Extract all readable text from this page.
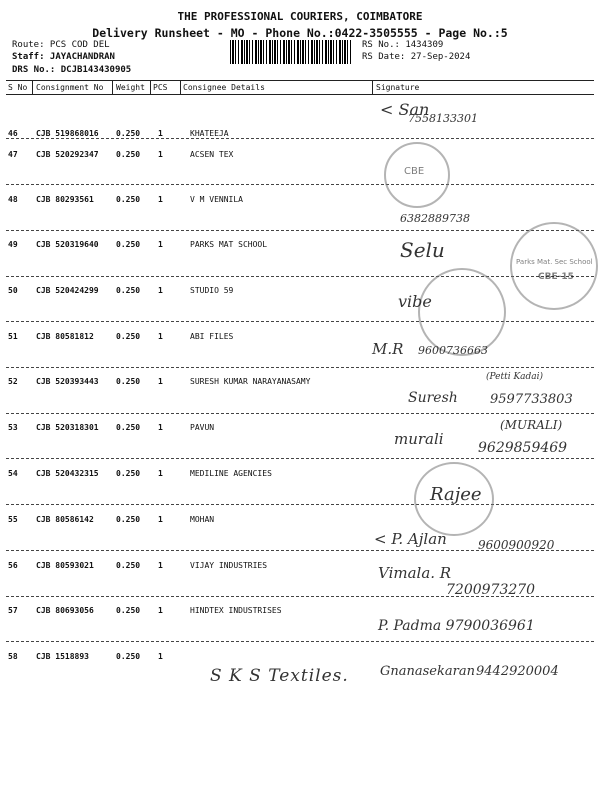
THE PROFESSIONAL COURIERS, COIMBATORE
Delivery Runsheet - MO - Phone No.:0422-3505555 - Page No.:5
Route: PCS COD DEL
Staff: JAYACHANDRAN
DRS No.: DCJB143430905
RS No.: 1434309
RS Date: 27-Sep-2024
S No Consignment No Weight PCS Consignee Details	Signature
46 CJB 519868016 0.250 1	KHATEEJA
47 CJB 520292347 0.250 1	ACSEN TEX
48 CJB 80293561	0.250 1	V M VENNILA
49 CJB 520319640 0.250 1	PARKS MAT SCHOOL
50 CJB 520424299 0.250 1	STUDIO 59
51 CJB 80581812	0.250 1	ABI FILES
52 CJB 520393443 0.250 1	SURESH KUMAR NARAYANASAMY
53 CJB 520318301 0.250 1	PAVUN
54 CJB 520432315 0.250 1	MEDILINE AGENCIES
55 CJB 80586142	0.250 1	MOHAN
56 CJB 80593021	0.250 1	VIJAY INDUSTRIES
57 CJB 80693056	0.250 1	HINDTEX INDUSTRISES
58 CJB 1518893	0.250 1
CBE
Parks Mat. Sec School
CBE-15
< San
7558133301
6382889738
Selu
vibe
M.R 9600736663
(Petti Kadai)
Suresh 9597733803
murali
(MURALI)
9629859469
Rajee
< P. Ajlan	9600900920
Vimala. R
7200973270
P. Padma 9790036961
S K S Textiles. Gnanasekaran 9442920004
